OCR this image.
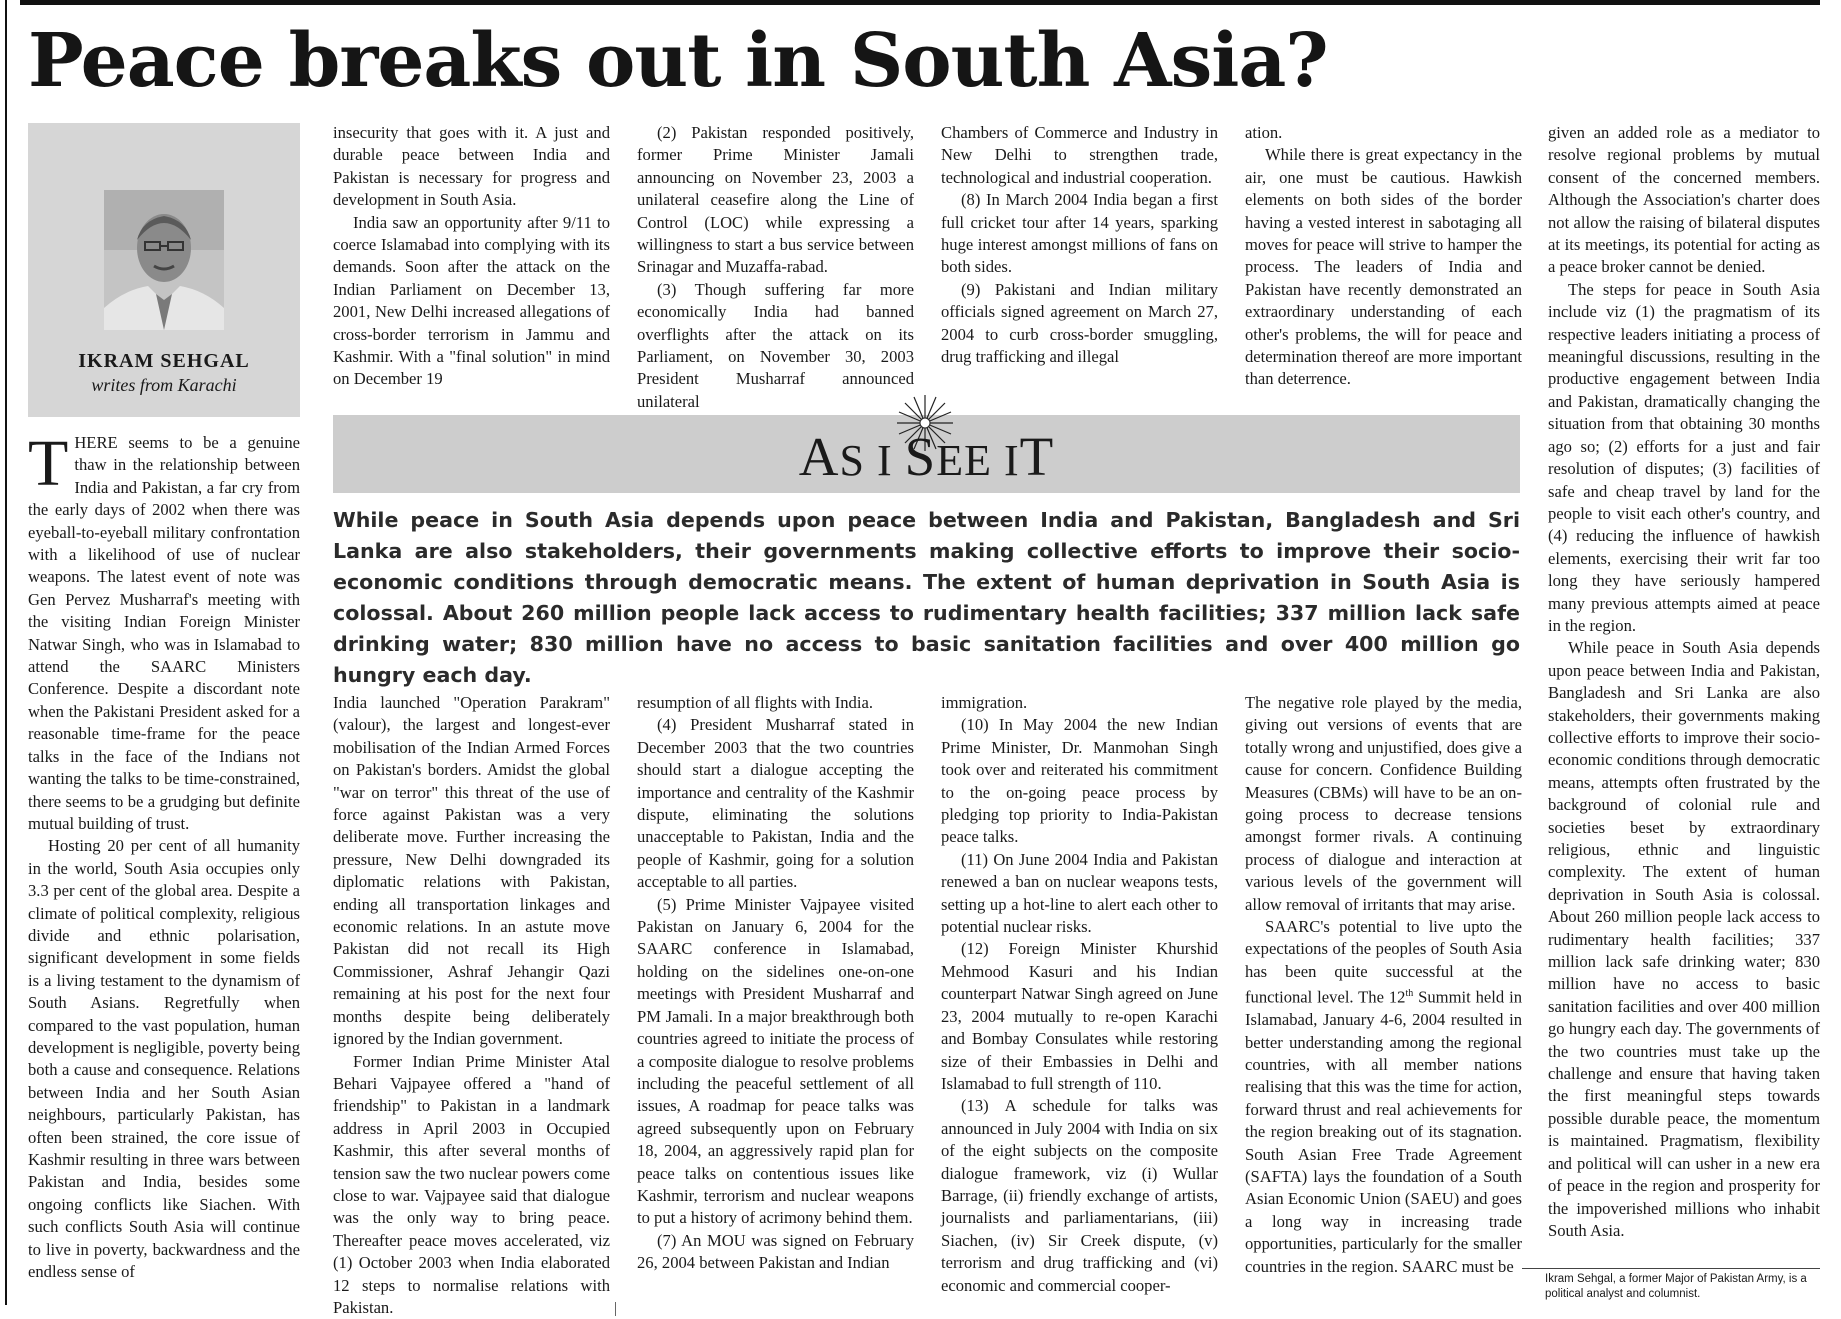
Peace breaks out in South Asia?
IKRAM SEHGAL
writes from Karachi

THERE seems to be a genuine thaw in the relationship between India and Pakistan, a far cry from the early days of 2002 when there was eyeball-to-eyeball military confrontation with a likelihood of use of nuclear weapons. The latest event of note was Gen Pervez Musharraf's meeting with the visiting Indian Foreign Minister Natwar Singh, who was in Islamabad to attend the SAARC Ministers Conference. Despite a discordant note when the Pakistani President asked for a reasonable time-frame for the peace talks in the face of the Indians not wanting the talks to be time-constrained, there seems to be a grudging but definite mutual building of trust.

Hosting 20 per cent of all humanity in the world, South Asia occupies only 3.3 per cent of the global area. Despite a climate of political complexity, religious divide and ethnic polarisation, significant development in some fields is a living testament to the dynamism of South Asians. Regretfully when compared to the vast population, human development is negligible, poverty being both a cause and consequence. Relations between India and her South Asian neighbours, particularly Pakistan, has often been strained, the core issue of Kashmir resulting in three wars between Pakistan and India, besides some ongoing conflicts like Siachen. With such conflicts South Asia will continue to live in poverty, backwardness and the endless sense of

insecurity that goes with it. A just and durable peace between India and Pakistan is necessary for progress and development in South Asia.

India saw an opportunity after 9/11 to coerce Islamabad into complying with its demands. Soon after the attack on the Indian Parliament on December 13, 2001, New Delhi increased allegations of cross-border terrorism in Jammu and Kashmir. With a "final solution" in mind on December 19

(2) Pakistan responded positively, former Prime Minister Jamali announcing on November 23, 2003 a unilateral ceasefire along the Line of Control (LOC) while expressing a willingness to start a bus service between Srinagar and Muzaffa-rabad.

(3) Though suffering far more economically India had banned overflights after the attack on its Parliament, on November 30, 2003 President Musharraf announced unilateral

Chambers of Commerce and Industry in New Delhi to strengthen trade, technological and industrial cooperation.

(8) In March 2004 India began a first full cricket tour after 14 years, sparking huge interest amongst millions of fans on both sides.

(9) Pakistani and Indian military officials signed agreement on March 27, 2004 to curb cross-border smuggling, drug trafficking and illegal

ation.

While there is great expectancy in the air, one must be cautious. Hawkish elements on both sides of the border having a vested interest in sabotaging all moves for peace will strive to hamper the process. The leaders of India and Pakistan have recently demonstrated an extraordinary understanding of each other's problems, the will for peace and determination thereof are more important than deterrence.

AS I SEE IT
While peace in South Asia depends upon peace between India and Pakistan, Bangladesh and Sri Lanka are also stakeholders, their governments making collective efforts to improve their socio-economic conditions through democratic means. The extent of human deprivation in South Asia is colossal. About 260 million people lack access to rudimentary health facilities; 337 million lack safe drinking water; 830 million have no access to basic sanitation facilities and over 400 million go hungry each day.

India launched "Operation Parakram" (valour), the largest and longest-ever mobilisation of the Indian Armed Forces on Pakistan's borders. Amidst the global "war on terror" this threat of the use of force against Pakistan was a very deliberate move. Further increasing the pressure, New Delhi downgraded its diplomatic relations with Pakistan, ending all transportation linkages and economic relations. In an astute move Pakistan did not recall its High Commissioner, Ashraf Jehangir Qazi remaining at his post for the next four months despite being deliberately ignored by the Indian government.

Former Indian Prime Minister Atal Behari Vajpayee offered a "hand of friendship" to Pakistan in a landmark address in April 2003 in Occupied Kashmir, this after several months of tension saw the two nuclear powers come close to war. Vajpayee said that dialogue was the only way to bring peace. Thereafter peace moves accelerated, viz (1) October 2003 when India elaborated 12 steps to normalise relations with Pakistan.

resumption of all flights with India.

(4) President Musharraf stated in December 2003 that the two countries should start a dialogue accepting the importance and centrality of the Kashmir dispute, eliminating the solutions unacceptable to Pakistan, India and the people of Kashmir, going for a solution acceptable to all parties.

(5) Prime Minister Vajpayee visited Pakistan on January 6, 2004 for the SAARC conference in Islamabad, holding on the sidelines one-on-one meetings with President Musharraf and PM Jamali. In a major breakthrough both countries agreed to initiate the process of a composite dialogue to resolve problems including the peaceful settlement of all issues, A roadmap for peace talks was agreed subsequently upon on February 18, 2004, an aggressively rapid plan for peace talks on contentious issues like Kashmir, terrorism and nuclear weapons to put a history of acrimony behind them.

(7) An MOU was signed on February 26, 2004 between Pakistan and Indian

immigration.

(10) In May 2004 the new Indian Prime Minister, Dr. Manmohan Singh took over and reiterated his commitment to the on-going peace process by pledging top priority to India-Pakistan peace talks.

(11) On June 2004 India and Pakistan renewed a ban on nuclear weapons tests, setting up a hot-line to alert each other to potential nuclear risks.

(12) Foreign Minister Khurshid Mehmood Kasuri and his Indian counterpart Natwar Singh agreed on June 23, 2004 mutually to re-open Karachi and Bombay Consulates while restoring size of their Embassies in Delhi and Islamabad to full strength of 110.

(13) A schedule for talks was announced in July 2004 with India on six of the eight subjects on the composite dialogue framework, viz (i) Wullar Barrage, (ii) friendly exchange of artists, journalists and parliamentarians, (iii) Siachen, (iv) Sir Creek dispute, (v) terrorism and drug trafficking and (vi) economic and commercial cooper-

The negative role played by the media, giving out versions of events that are totally wrong and unjustified, does give a cause for concern. Confidence Building Measures (CBMs) will have to be an on-going process to decrease tensions amongst former rivals. A continuing process of dialogue and interaction at various levels of the government will allow removal of irritants that may arise.

SAARC's potential to live upto the expectations of the peoples of South Asia has been quite successful at the functional level. The 12th Summit held in Islamabad, January 4-6, 2004 resulted in better understanding among the regional countries, with all member nations realising that this was the time for action, forward thrust and real achievements for the region breaking out of its stagnation. South Asian Free Trade Agreement (SAFTA) lays the foundation of a South Asian Economic Union (SAEU) and goes a long way in increasing trade opportunities, particularly for the smaller countries in the region. SAARC must be

given an added role as a mediator to resolve regional problems by mutual consent of the concerned members. Although the Association's charter does not allow the raising of bilateral disputes at its meetings, its potential for acting as a peace broker cannot be denied.

The steps for peace in South Asia include viz (1) the pragmatism of its respective leaders initiating a process of meaningful discussions, resulting in the productive engagement between India and Pakistan, dramatically changing the situation from that obtaining 30 months ago so; (2) efforts for a just and fair resolution of disputes; (3) facilities of safe and cheap travel by land for the people to visit each other's country, and (4) reducing the influence of hawkish elements, exercising their writ far too long they have seriously hampered many previous attempts aimed at peace in the region.

While peace in South Asia depends upon peace between India and Pakistan, Bangladesh and Sri Lanka are also stakeholders, their governments making collective efforts to improve their socio-economic conditions through democratic means, attempts often frustrated by the background of colonial rule and societies beset by extraordinary religious, ethnic and linguistic complexity. The extent of human deprivation in South Asia is colossal. About 260 million people lack access to rudimentary health facilities; 337 million lack safe drinking water; 830 million have no access to basic sanitation facilities and over 400 million go hungry each day. The governments of the two countries must take up the challenge and ensure that having taken the first meaningful steps towards possible durable peace, the momentum is maintained. Pragmatism, flexibility and political will can usher in a new era of peace in the region and prosperity for the impoverished millions who inhabit South Asia.

Ikram Sehgal, a former Major of Pakistan Army, is a political analyst and columnist.
